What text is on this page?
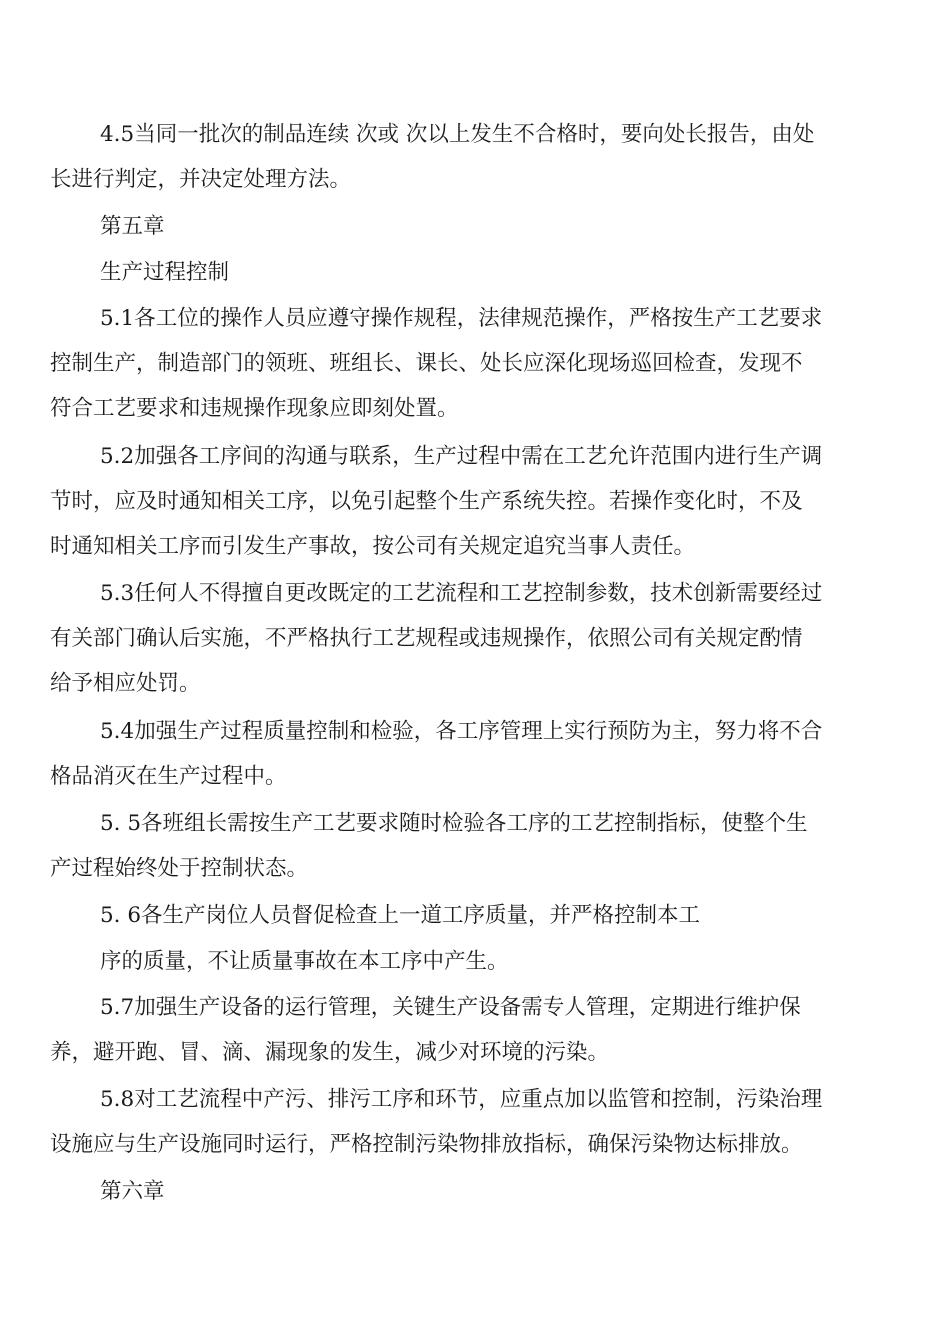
4.5当同一批次的制品连续 次或 次以上发生不合格时，要向处长报告，由处
长进行判定，并决定处理方法。

第五章

生产过程控制

5.1各工位的操作人员应遵守操作规程，法律规范操作，严格按生产工艺要求
控制生产，制造部门的领班、班组长、课长、处长应深化现场巡回检查，发现不
符合工艺要求和违规操作现象应即刻处置。
5.2加强各工序间的沟通与联系，生产过程中需在工艺允许范围内进行生产调
节时，应及时通知相关工序，以免引起整个生产系统失控。若操作变化时，不及
时通知相关工序而引发生产事故，按公司有关规定追究当事人责任。
5.3任何人不得擅自更改既定的工艺流程和工艺控制参数，技术创新需要经过
有关部门确认后实施，不严格执行工艺规程或违规操作，依照公司有关规定酌情
给予相应处罚。
5.4加强生产过程质量控制和检验，各工序管理上实行预防为主，努力将不合
格品消灭在生产过程中。
5. 5各班组长需按生产工艺要求随时检验各工序的工艺控制指标，使整个生
产过程始终处于控制状态。

5. 6各生产岗位人员督促检查上一道工序质量，并严格控制本工

序的质量，不让质量事故在本工序中产生。

5.7加强生产设备的运行管理，关键生产设备需专人管理，定期进行维护保
养，避开跑、冒、滴、漏现象的发生，减少对环境的污染。
5.8对工艺流程中产污、排污工序和环节，应重点加以监管和控制，污染治理
设施应与生产设施同时运行，严格控制污染物排放指标，确保污染物达标排放。

第六章
